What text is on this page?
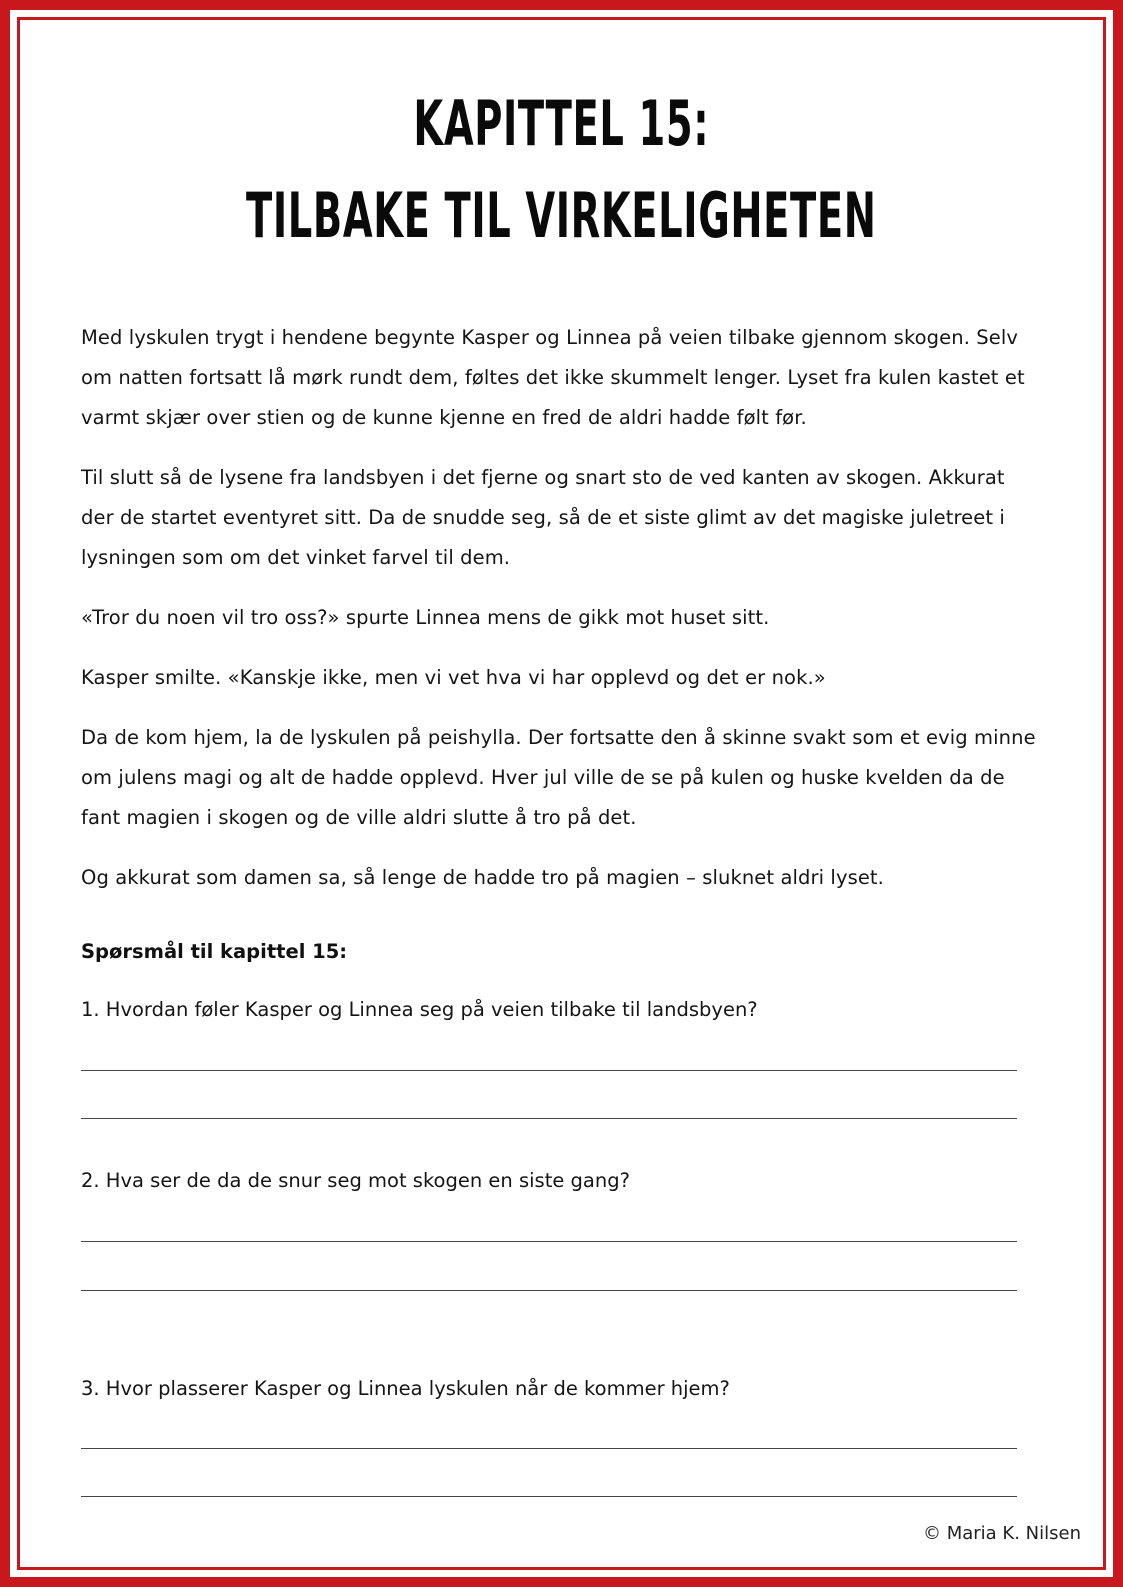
KAPITTEL 15:
TILBAKE TIL VIRKELIGHETEN

Med lyskulen trygt i hendene begynte Kasper og Linnea på veien tilbake gjennom skogen. Selv om natten fortsatt lå mørk rundt dem, føltes det ikke skummelt lenger. Lyset fra kulen kastet et varmt skjær over stien og de kunne kjenne en fred de aldri hadde følt før.

Til slutt så de lysene fra landsbyen i det fjerne og snart sto de ved kanten av skogen. Akkurat der de startet eventyret sitt. Da de snudde seg, så de et siste glimt av det magiske juletreet i lysningen som om det vinket farvel til dem.

«Tror du noen vil tro oss?» spurte Linnea mens de gikk mot huset sitt.

Kasper smilte. «Kanskje ikke, men vi vet hva vi har opplevd og det er nok.»

Da de kom hjem, la de lyskulen på peishylla. Der fortsatte den å skinne svakt som et evig minne om julens magi og alt de hadde opplevd. Hver jul ville de se på kulen og huske kvelden da de fant magien i skogen og de ville aldri slutte å tro på det.

Og akkurat som damen sa, så lenge de hadde tro på magien – sluknet aldri lyset.

Spørsmål til kapittel 15:
1. Hvordan føler Kasper og Linnea seg på veien tilbake til landsbyen?
2. Hva ser de da de snur seg mot skogen en siste gang?
3. Hvor plasserer Kasper og Linnea lyskulen når de kommer hjem?
© Maria K. Nilsen
